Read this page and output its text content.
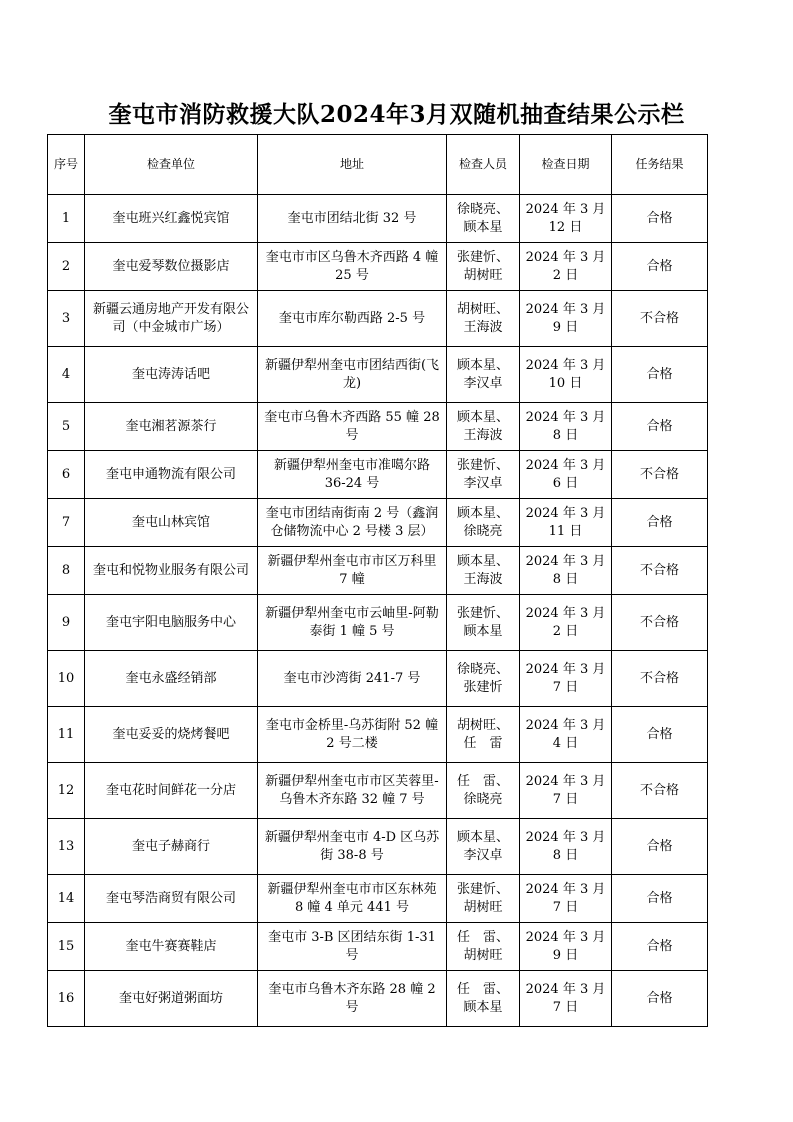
奎屯市消防救援大队2024年3月双随机抽查结果公示栏
序号	检查单位	地址	检查人员	检查日期	任务结果
1	奎屯班兴红鑫悦宾馆	奎屯市团结北街 32 号	徐晓亮、顾本星	2024 年 3 月 12 日	合格
2	奎屯爱琴数位摄影店	奎屯市市区乌鲁木齐西路 4 幢 25 号	张建忻、胡树旺	2024 年 3 月 2 日	合格
3	新疆云通房地产开发有限公司（中金城市广场）	奎屯市库尔勒西路 2-5 号	胡树旺、王海波	2024 年 3 月 9 日	不合格
4	奎屯涛涛话吧	新疆伊犁州奎屯市团结西街(飞龙)	顾本星、李汉卓	2024 年 3 月 10 日	合格
5	奎屯湘茗源茶行	奎屯市乌鲁木齐西路 55 幢 28 号	顾本星、王海波	2024 年 3 月 8 日	合格
6	奎屯申通物流有限公司	新疆伊犁州奎屯市准噶尔路 36-24 号	张建忻、李汉卓	2024 年 3 月 6 日	不合格
7	奎屯山林宾馆	奎屯市团结南街南 2 号（鑫润仓储物流中心 2 号楼 3 层）	顾本星、徐晓亮	2024 年 3 月 11 日	合格
8	奎屯和悦物业服务有限公司	新疆伊犁州奎屯市市区万科里 7 幢	顾本星、王海波	2024 年 3 月 8 日	不合格
9	奎屯宇阳电脑服务中心	新疆伊犁州奎屯市云岫里-阿勒泰街 1 幢 5 号	张建忻、顾本星	2024 年 3 月 2 日	不合格
10	奎屯永盛经销部	奎屯市沙湾街 241-7 号	徐晓亮、张建忻	2024 年 3 月 7 日	不合格
11	奎屯妥妥的烧烤餐吧	奎屯市金桥里-乌苏街附 52 幢 2 号二楼	胡树旺、任　雷	2024 年 3 月 4 日	合格
12	奎屯花时间鲜花一分店	新疆伊犁州奎屯市市区芙蓉里-乌鲁木齐东路 32 幢 7 号	任　雷、徐晓亮	2024 年 3 月 7 日	不合格
13	奎屯子赫商行	新疆伊犁州奎屯市 4-D 区乌苏街 38-8 号	顾本星、李汉卓	2024 年 3 月 8 日	合格
14	奎屯琴浩商贸有限公司	新疆伊犁州奎屯市市区东林苑 8 幢 4 单元 441 号	张建忻、胡树旺	2024 年 3 月 7 日	合格
15	奎屯牛赛赛鞋店	奎屯市 3-B 区团结东街 1-31 号	任　雷、胡树旺	2024 年 3 月 9 日	合格
16	奎屯好粥道粥面坊	奎屯市乌鲁木齐东路 28 幢 2 号	任　雷、顾本星	2024 年 3 月 7 日	合格
